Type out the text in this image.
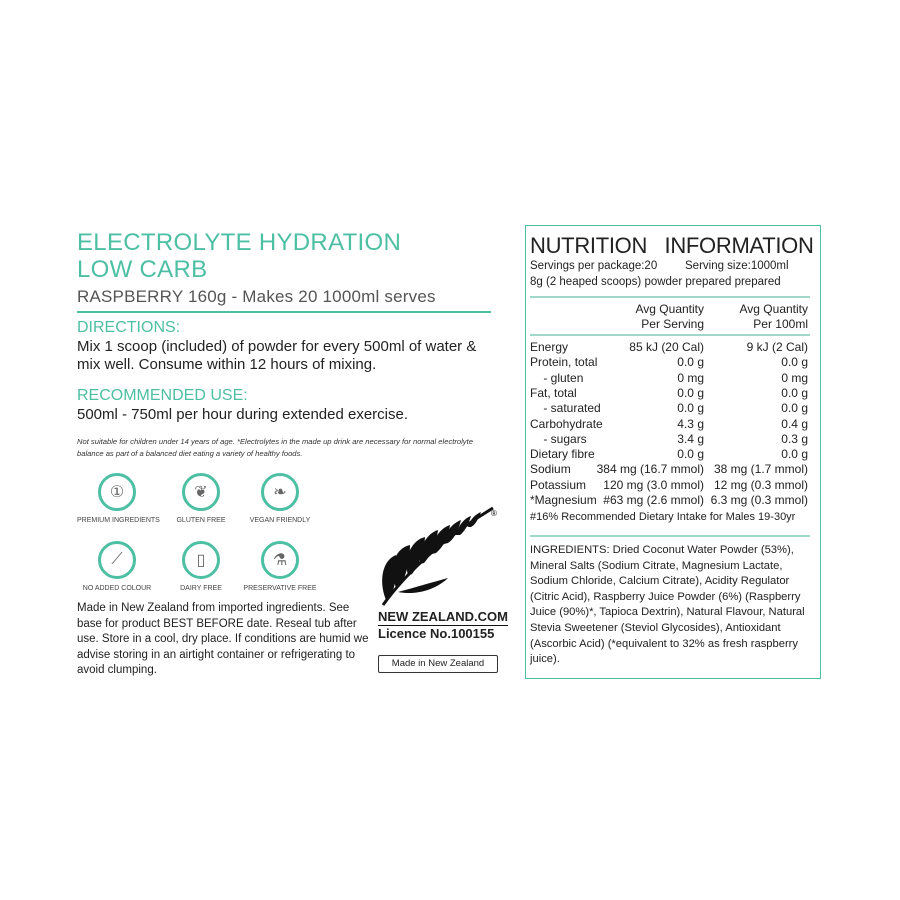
ELECTROLYTE HYDRATION
LOW CARB
RASPBERRY 160g - Makes 20 1000ml serves
DIRECTIONS:
Mix 1 scoop (included) of powder for every 500ml of water & mix well. Consume within 12 hours of mixing.
RECOMMENDED USE:
500ml - 750ml per hour during extended exercise.
Not suitable for children under 14 years of age. *Electrolytes in the made up drink are necessary for normal electrolyte balance as part of a balanced diet eating a variety of healthy foods.
①
PREMIUM INGREDIENTS
❦
GLUTEN FREE
❧
VEGAN FRIENDLY
⟋
NO ADDED COLOUR
▯
DAIRY FREE
⚗
PRESERVATIVE FREE
Made in New Zealand from imported ingredients. See base for product BEST BEFORE date. Reseal tub after use. Store in a cool, dry place. If conditions are humid we advise storing in an airtight container or refrigerating to avoid clumping.
®
NEW ZEALAND.COM
Licence No.100155
Made in New Zealand
NUTRITION   INFORMATION
Servings per package:20 Serving size:1000ml
8g (2 heaped scoops) powder prepared prepared
Avg Quantity
Per Serving
Avg Quantity
Per 100ml
Energy	85 kJ (20 Cal)	9 kJ (2 Cal)
Protein, total	0.0 g	0.0 g
- gluten	0 mg	0 mg
Fat, total	0.0 g	0.0 g
- saturated	0.0 g	0.0 g
Carbohydrate	4.3 g	0.4 g
- sugars	3.4 g	0.3 g
Dietary fibre	0.0 g	0.0 g
Sodium 384 mg (16.7 mmol) 38 mg (1.7 mmol)
Potassium 120 mg (3.0 mmol) 12 mg (0.3 mmol)
*Magnesium #63 mg (2.6 mmol) 6.3 mg (0.3 mmol)
#16% Recommended Dietary Intake for Males 19-30yr
INGREDIENTS: Dried Coconut Water Powder (53%), Mineral Salts (Sodium Citrate, Magnesium Lactate, Sodium Chloride, Calcium Citrate), Acidity Regulator (Citric Acid), Raspberry Juice Powder (6%) (Raspberry Juice (90%)*, Tapioca Dextrin), Natural Flavour, Natural Stevia Sweetener (Steviol Glycosides), Antioxidant (Ascorbic Acid) (*equivalent to 32% as fresh raspberry juice).
